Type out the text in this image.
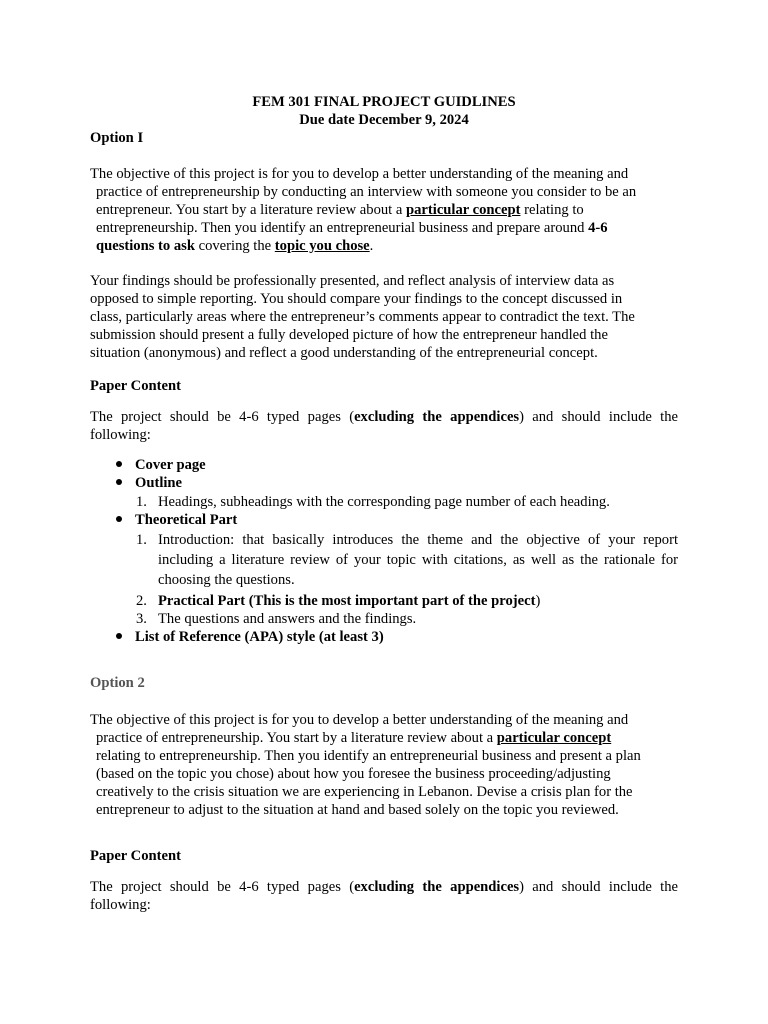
FEM 301 FINAL PROJECT GUIDLINES
Due date December 9, 2024
Option I
The objective of this project is for you to develop a better understanding of the meaning and
practice of entrepreneurship by conducting an interview with someone you consider to be an
entrepreneur. You start by a literature review about a particular concept relating to
entrepreneurship. Then you identify an entrepreneurial business and prepare around 4-6
questions to ask covering the topic you chose.
Your findings should be professionally presented, and reflect analysis of interview data as
opposed to simple reporting. You should compare your findings to the concept discussed in
class, particularly areas where the entrepreneur’s comments appear to contradict the text. The
submission should present a fully developed picture of how the entrepreneur handled the
situation (anonymous) and reflect a good understanding of the entrepreneurial concept.
Paper Content
The project should be 4-6 typed pages (excluding the appendices) and should include the following:
Cover page
Outline
1. Headings, subheadings with the corresponding page number of each heading.
Theoretical Part
1. Introduction: that basically introduces the theme and the objective of your report including a literature review of your topic with citations, as well as the rationale for choosing the questions.
2. Practical Part (This is the most important part of the project)
3. The questions and answers and the findings.
List of Reference (APA) style (at least 3)
Option 2
The objective of this project is for you to develop a better understanding of the meaning and
practice of entrepreneurship. You start by a literature review about a particular concept
relating to entrepreneurship. Then you identify an entrepreneurial business and present a plan
(based on the topic you chose) about how you foresee the business proceeding/adjusting
creatively to the crisis situation we are experiencing in Lebanon. Devise a crisis plan for the
entrepreneur to adjust to the situation at hand and based solely on the topic you reviewed.
Paper Content
The project should be 4-6 typed pages (excluding the appendices) and should include the following:
